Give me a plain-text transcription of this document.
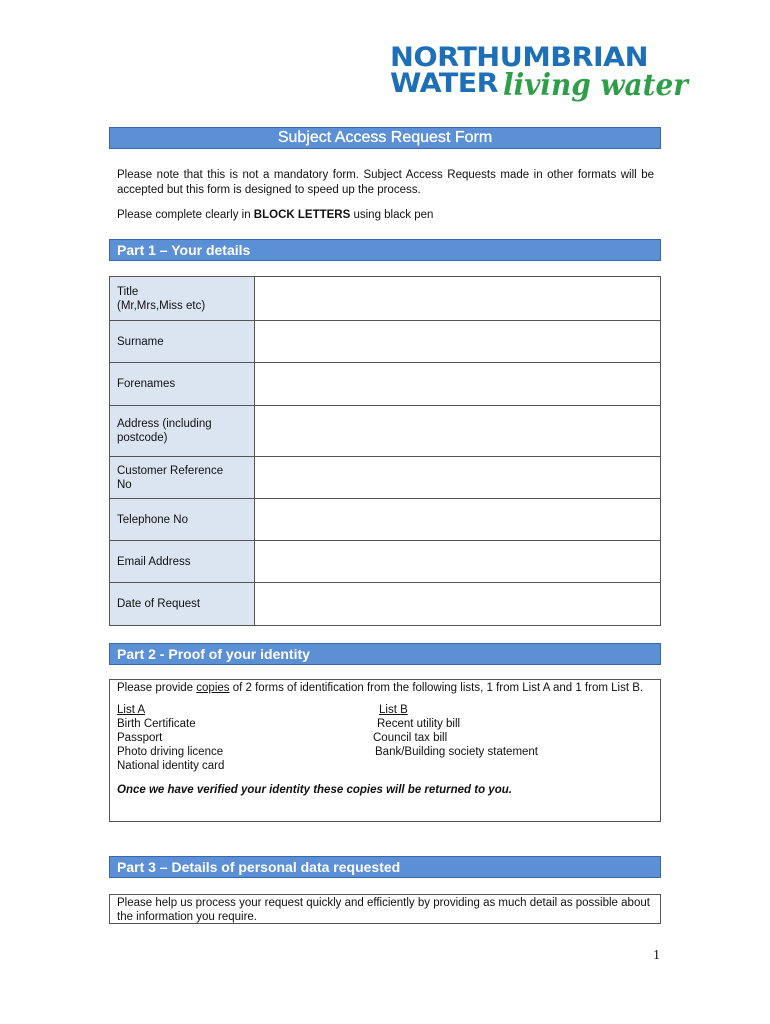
NORTHUMBRIAN
WATER living water
Subject Access Request Form
Please note that this is not a mandatory form. Subject Access Requests made in other formats will be accepted but this form is designed to speed up the process.
Please complete clearly in BLOCK LETTERS using black pen
Part 1 – Your details
Title
(Mr,Mrs,Miss etc)	
Surname	
Forenames	
Address (including
postcode)	
Customer Reference
No	
Telephone No	
Email Address	
Date of Request	
Part 2 - Proof of your identity
Please provide copies of 2 forms of identification from the following lists, 1 from List A and 1 from List B.
List A
Birth Certificate
Passport
Photo driving licence
National identity card
List B
Recent utility bill
Council tax bill
Bank/Building society statement
Once we have verified your identity these copies will be returned to you.
Part 3 – Details of personal data requested
Please help us process your request quickly and efficiently by providing as much detail as possible about the information you require.
1
